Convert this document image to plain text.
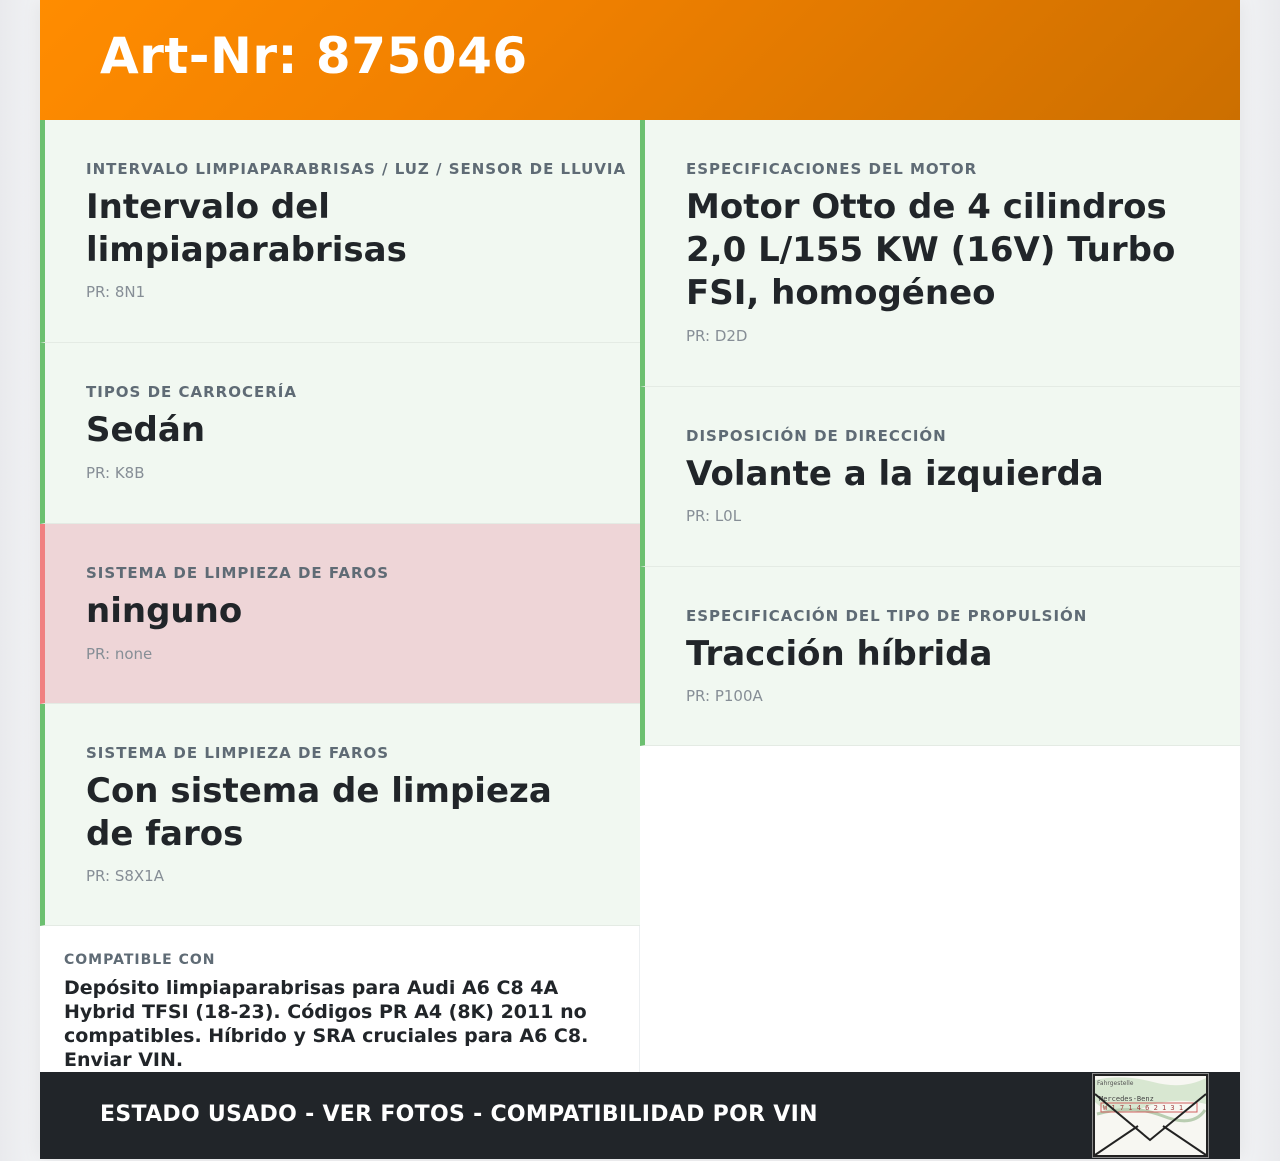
Art-Nr: 875046
INTERVALO LIMPIAPARABRISAS / LUZ / SENSOR DE LLUVIA
Intervalo del limpiaparabrisas
PR: 8N1
TIPOS DE CARROCERÍA
Sedán
PR: K8B
SISTEMA DE LIMPIEZA DE FAROS
ninguno
PR: none
SISTEMA DE LIMPIEZA DE FAROS
Con sistema de limpieza de faros
PR: S8X1A
ESPECIFICACIONES DEL MOTOR
Motor Otto de 4 cilindros 2,0 L/155 KW (16V) Turbo FSI, homogéneo
PR: D2D
DISPOSICIÓN DE DIRECCIÓN
Volante a la izquierda
PR: L0L
ESPECIFICACIÓN DEL TIPO DE PROPULSIÓN
Tracción híbrida
PR: P100A
COMPATIBLE CON
Depósito limpiaparabrisas para Audi A6 C8 4A Hybrid TFSI (18-23). Códigos PR A4 (8K) 2011 no compatibles. Híbrido y SRA cruciales para A6 C8. Enviar VIN.
ESTADO USADO - VER FOTOS - COMPATIBILIDAD POR VIN
Fahrgestelle
Mercedes-Benz
W 1 7 1 4 6 2 1 3 1
